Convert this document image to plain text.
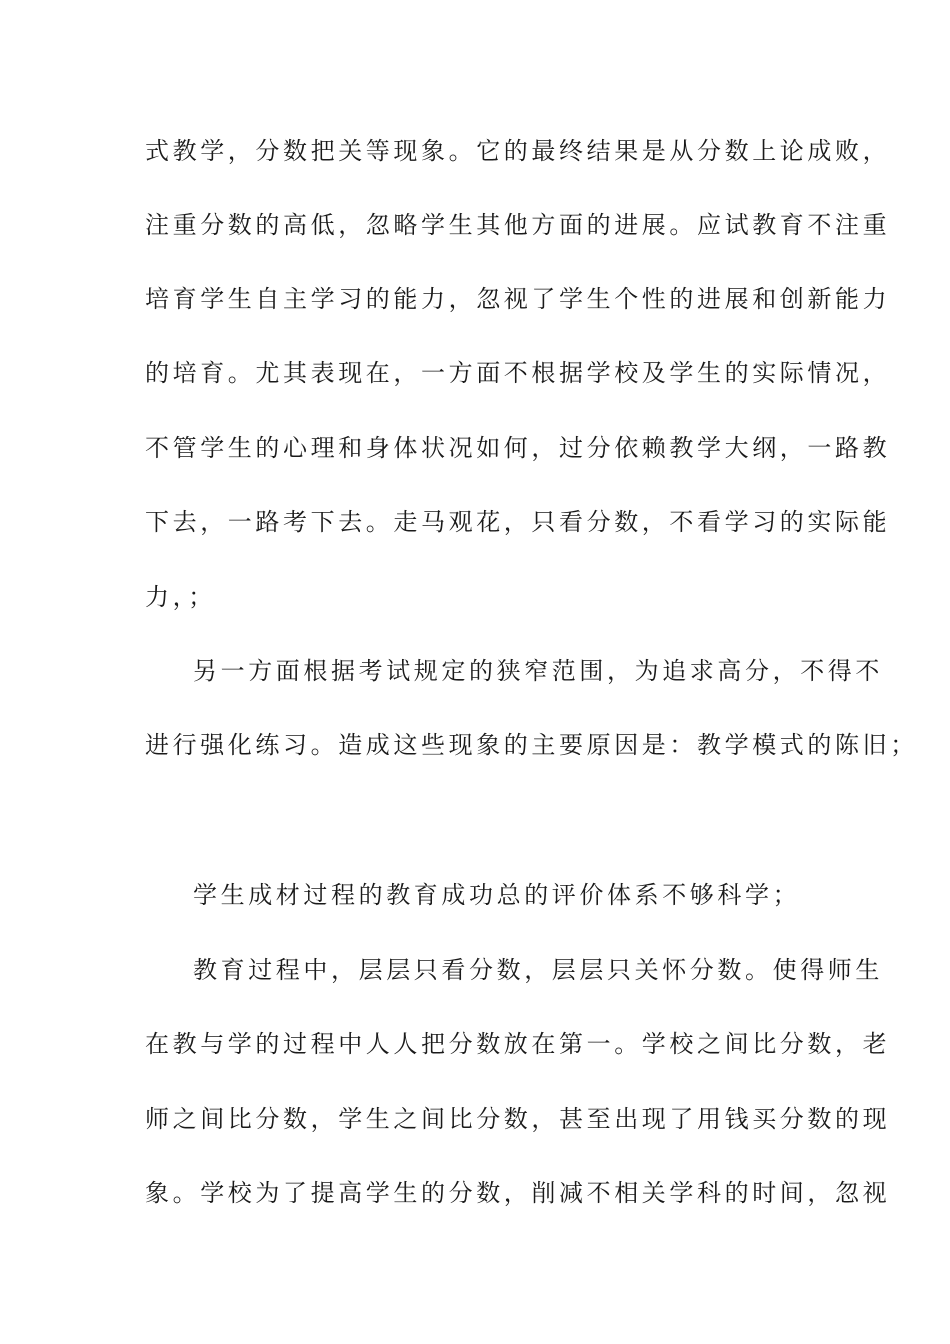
式教学，分数把关等现象。它的最终结果是从分数上论成败，
注重分数的高低，忽略学生其他方面的进展。应试教育不注重
培育学生自主学习的能力，忽视了学生个性的进展和创新能力
的培育。尤其表现在，一方面不根据学校及学生的实际情况，
不管学生的心理和身体状况如何，过分依赖教学大纲，一路教
下去，一路考下去。走马观花，只看分数，不看学习的实际能
力，；
另一方面根据考试规定的狭窄范围，为追求高分，不得不
进行强化练习。造成这些现象的主要原因是：教学模式的陈旧；
学生成材过程的教育成功总的评价体系不够科学；
教育过程中，层层只看分数，层层只关怀分数。使得师生
在教与学的过程中人人把分数放在第一。学校之间比分数，老
师之间比分数，学生之间比分数，甚至出现了用钱买分数的现
象。学校为了提高学生的分数，削减不相关学科的时间，忽视
